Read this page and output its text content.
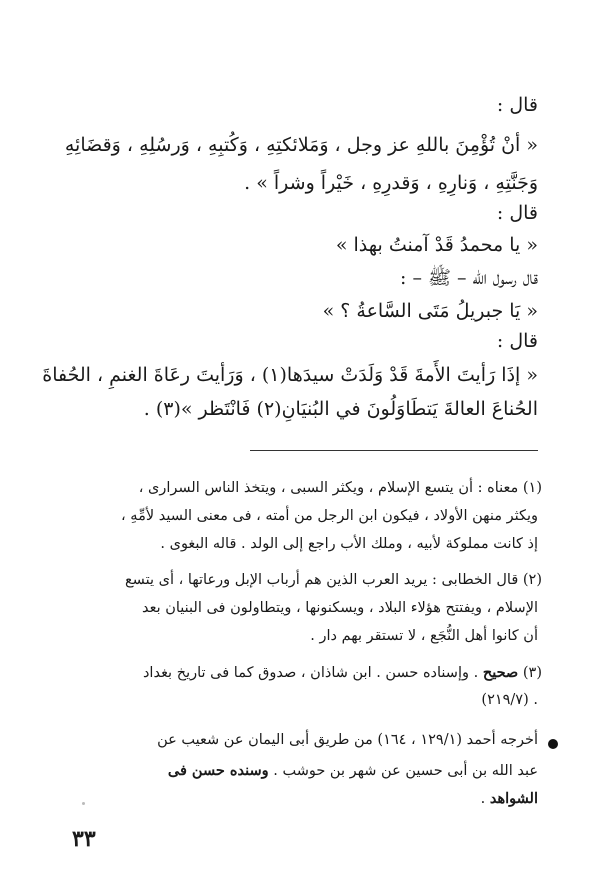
قال :
« أنْ تُؤْمِنَ باللهِ عز وجل ، وَمَلائكتِهِ ، وَكُتبِهِ ، وَرسُلِهِ ، وَقضَائِهِ
وَجَنَّتِهِ ، وَنارِهِ ، وَقدرِهِ ، خَيْراً وشراً » .
قال :
« يا محمدُ قَدْ آمنتُ بهذا »
قال رسول الله – ﷺ – :
« يَا جبريلُ مَتَى السَّاعةُ ؟ »
قال :
« إذَا رَأيتَ الأَمةَ قَدْ وَلَدَتْ سيدَها(١) ، وَرَأيتَ رعَاةَ الغنمِ ، الحُفاةَ
الحُناعَ العالةَ يَتطَاوَلُونَ في البُنيَانِ(٢) فَانْتَظر »(٣) .
(١) معناه : أن يتسع الإسلام ، ويكثر السبى ، ويتخذ الناس السرارى ،
ويكثر منهن الأولاد ، فيكون ابن الرجل من أمته ، فى معنى السيد لأمِّهِ ،
إذ كانت مملوكة لأبيه ، وملك الأب راجع إلى الولد . قاله البغوى .
(٢) قال الخطابى : يريد العرب الذين هم أرباب الإبل ورعاتها ، أى يتسع
الإسلام ، ويفتتح هؤلاء البلاد ، ويسكنونها ، ويتطاولون فى البنيان بعد
أن كانوا أهل النُّجَع ، لا تستقر بهم دار .
(٣) صحيح . وإسناده حسن . ابن شاذان ، صدوق كما فى تاريخ بغداد
(٢١٩/٧) .
أخرجه أحمد (١٢٩/١ ، ١٦٤) من طريق أبى اليمان عن شعيب عن
عبد الله بن أبى حسين عن شهر بن حوشب . وسنده حسن فى
الشواهد .
٣٣
